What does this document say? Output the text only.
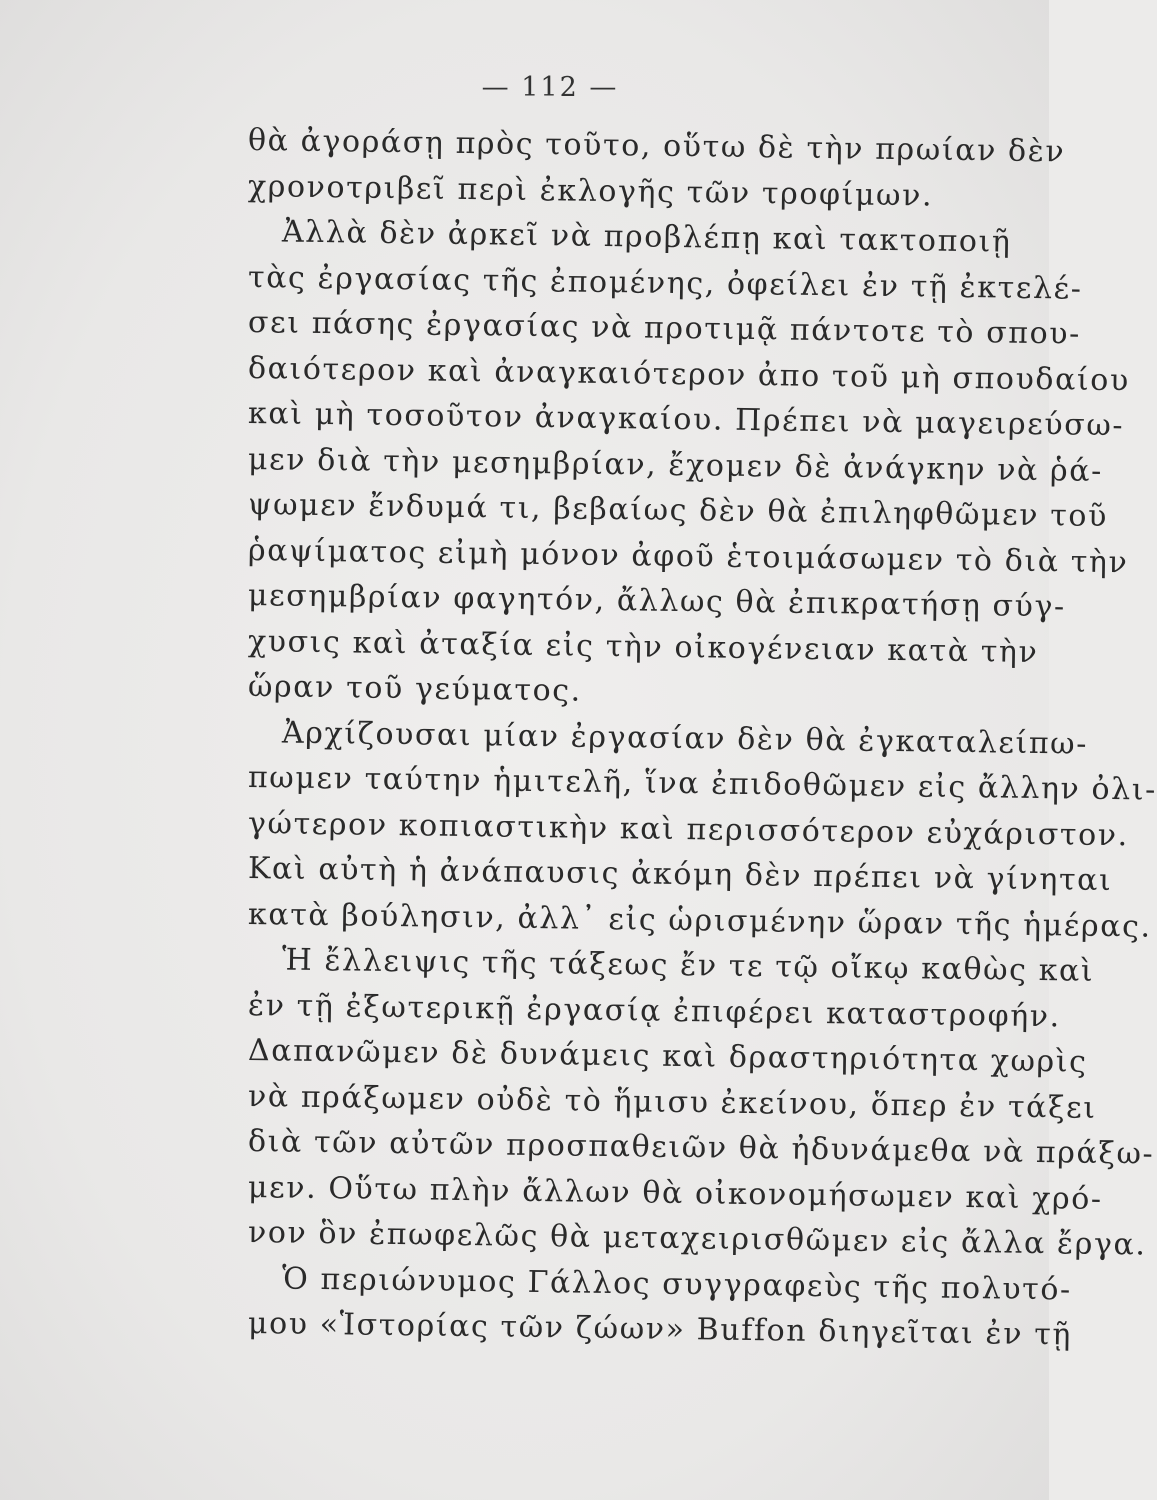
— 112 —
θὰ ἀγοράσῃ πρὸς τοῦτο, οὕτω δὲ τὴν πρωίαν δὲν
χρονοτριβεῖ περὶ ἐκλογῆς τῶν τροφίμων.
Ἀλλὰ δὲν ἀρκεῖ νὰ προβλέπῃ καὶ τακτοποιῇ
τὰς ἐργασίας τῆς ἐπομένης, ὀφείλει ἐν τῇ ἐκτελέ-
σει πάσης ἐργασίας νὰ προτιμᾷ πάντοτε τὸ σπου-
δαιότερον καὶ ἀναγκαιότερον ἀπο τοῦ μὴ σπουδαίου
καὶ μὴ τοσοῦτον ἀναγκαίου. Πρέπει νὰ μαγειρεύσω-
μεν διὰ τὴν μεσημβρίαν, ἔχομεν δὲ ἀνάγκην νὰ ῥά-
ψωμεν ἔνδυμά τι, βεβαίως δὲν θὰ ἐπιληφθῶμεν τοῦ
ῥαψίματος εἰμὴ μόνον ἀφοῦ ἑτοιμάσωμεν τὸ διὰ τὴν
μεσημβρίαν φαγητόν, ἄλλως θὰ ἐπικρατήσῃ σύγ-
χυσις καὶ ἀταξία εἰς τὴν οἰκογένειαν κατὰ τὴν
ὥραν τοῦ γεύματος.
Ἀρχίζουσαι μίαν ἐργασίαν δὲν θὰ ἐγκαταλείπω-
πωμεν ταύτην ἡμιτελῆ, ἵνα ἐπιδοθῶμεν εἰς ἄλλην ὀλι-
γώτερον κοπιαστικὴν καὶ περισσότερον εὐχάριστον.
Καὶ αὐτὴ ἡ ἀνάπαυσις ἀκόμη δὲν πρέπει νὰ γίνηται
κατὰ βούλησιν, ἀλλ᾽ εἰς ὡρισμένην ὥραν τῆς ἡμέρας.
Ἡ ἔλλειψις τῆς τάξεως ἔν τε τῷ οἴκῳ καθὼς καὶ
ἐν τῇ ἐξωτερικῇ ἐργασίᾳ ἐπιφέρει καταστροφήν.
Δαπανῶμεν δὲ δυνάμεις καὶ δραστηριότητα χωρὶς
νὰ πράξωμεν οὐδὲ τὸ ἥμισυ ἐκείνου, ὅπερ ἐν τάξει
διὰ τῶν αὐτῶν προσπαθειῶν θὰ ἠδυνάμεθα νὰ πράξω-
μεν. Οὕτω πλὴν ἄλλων θὰ οἰκονομήσωμεν καὶ χρό-
νον ὃν ἐπωφελῶς θὰ μεταχειρισθῶμεν εἰς ἄλλα ἔργα.
Ὁ περιώνυμος Γάλλος συγγραφεὺς τῆς πολυτό-
μου «Ἱστορίας τῶν ζώων» Buffon διηγεῖται ἐν τῇ
